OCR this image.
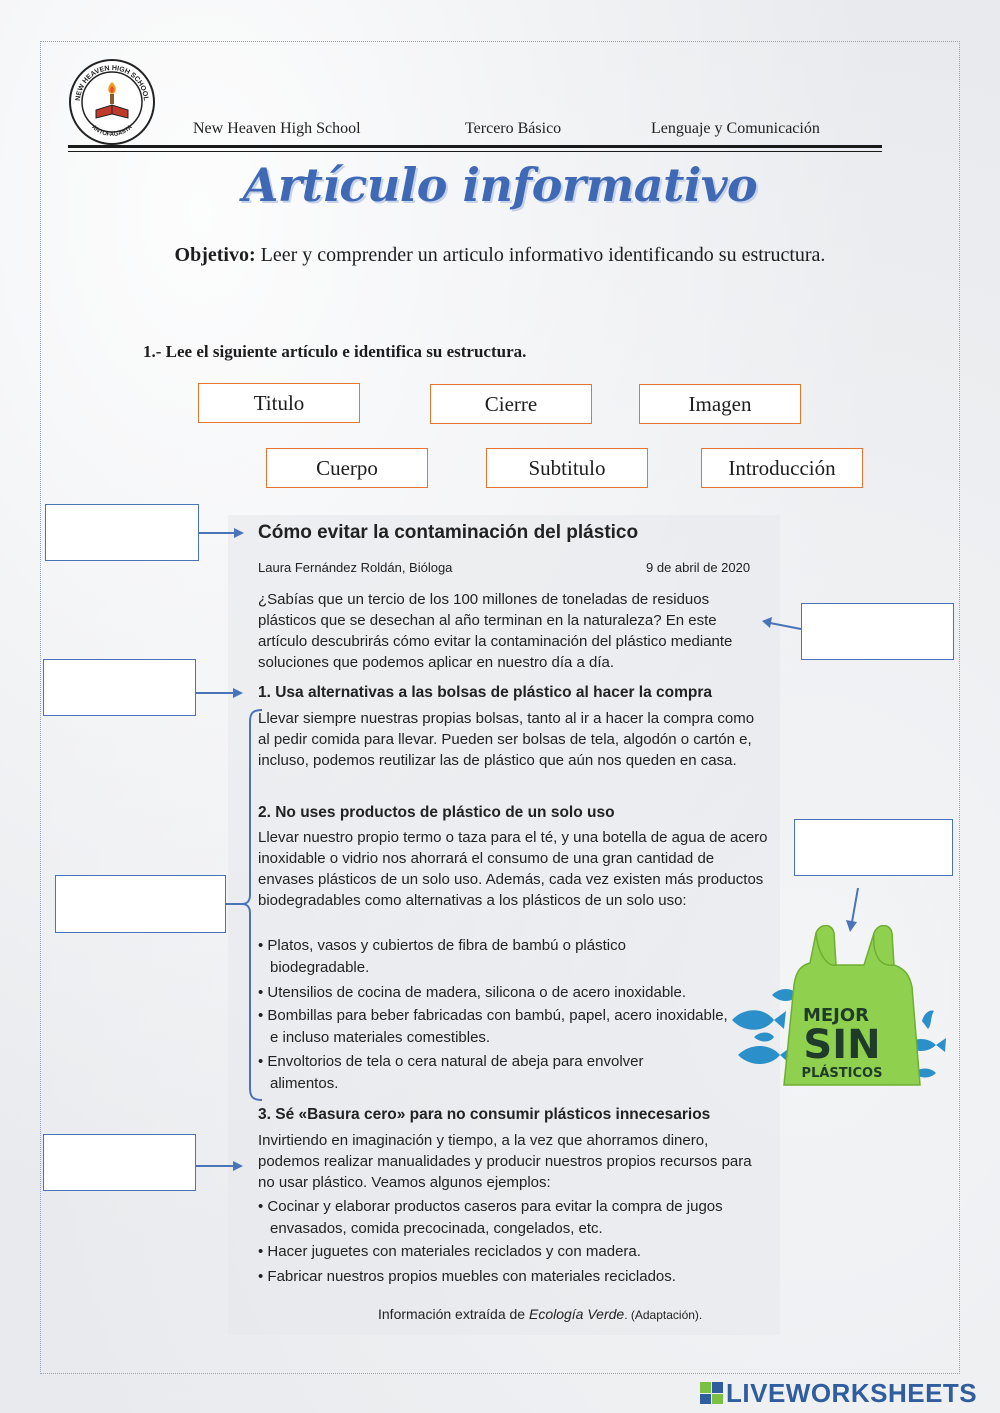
NEW HEAVEN HIGH SCHOOL
ANTOFAGASTA	New Heaven High School	Tercero Básico	Lenguaje y Comunicación
Artículo informativo
Objetivo: Leer y comprender un articulo informativo identificando su estructura.
1.- Lee el siguiente artículo e identifica su estructura.
Titulo	Cierre	Imagen
Cuerpo	Subtitulo	Introducción
Cómo evitar la contaminación del plástico
Laura Fernández Roldán, Bióloga	9 de abril de 2020
¿Sabías que un tercio de los 100 millones de toneladas de residuos plásticos que se desechan al año terminan en la naturaleza? En este artículo descubrirás cómo evitar la contaminación del plástico mediante soluciones que podemos aplicar en nuestro día a día.
1. Usa alternativas a las bolsas de plástico al hacer la compra
Llevar siempre nuestras propias bolsas, tanto al ir a hacer la compra como al pedir comida para llevar. Pueden ser bolsas de tela, algodón o cartón e, incluso, podemos reutilizar las de plástico que aún nos queden en casa.
2. No uses productos de plástico de un solo uso
Llevar nuestro propio termo o taza para el té, y una botella de agua de acero inoxidable o vidrio nos ahorrará el consumo de una gran cantidad de envases plásticos de un solo uso. Además, cada vez existen más productos biodegradables como alternativas a los plásticos de un solo uso:
• Platos, vasos y cubiertos de fibra de bambú o plástico biodegradable.
• Utensilios de cocina de madera, silicona o de acero inoxidable.
• Bombillas para beber fabricadas con bambú, papel, acero inoxidable, e incluso materiales comestibles.
• Envoltorios de tela o cera natural de abeja para envolver alimentos.
3. Sé «Basura cero» para no consumir plásticos innecesarios
Invirtiendo en imaginación y tiempo, a la vez que ahorramos dinero, podemos realizar manualidades y producir nuestros propios recursos para no usar plástico. Veamos algunos ejemplos:
• Cocinar y elaborar productos caseros para evitar la compra de jugos envasados, comida precocinada, congelados, etc.
• Hacer juguetes con materiales reciclados y con madera.
• Fabricar nuestros propios muebles con materiales reciclados.
Información extraída de Ecología Verde. (Adaptación).
MEJOR
SIN
PLÁSTICOS
LIVEWORKSHEETS
